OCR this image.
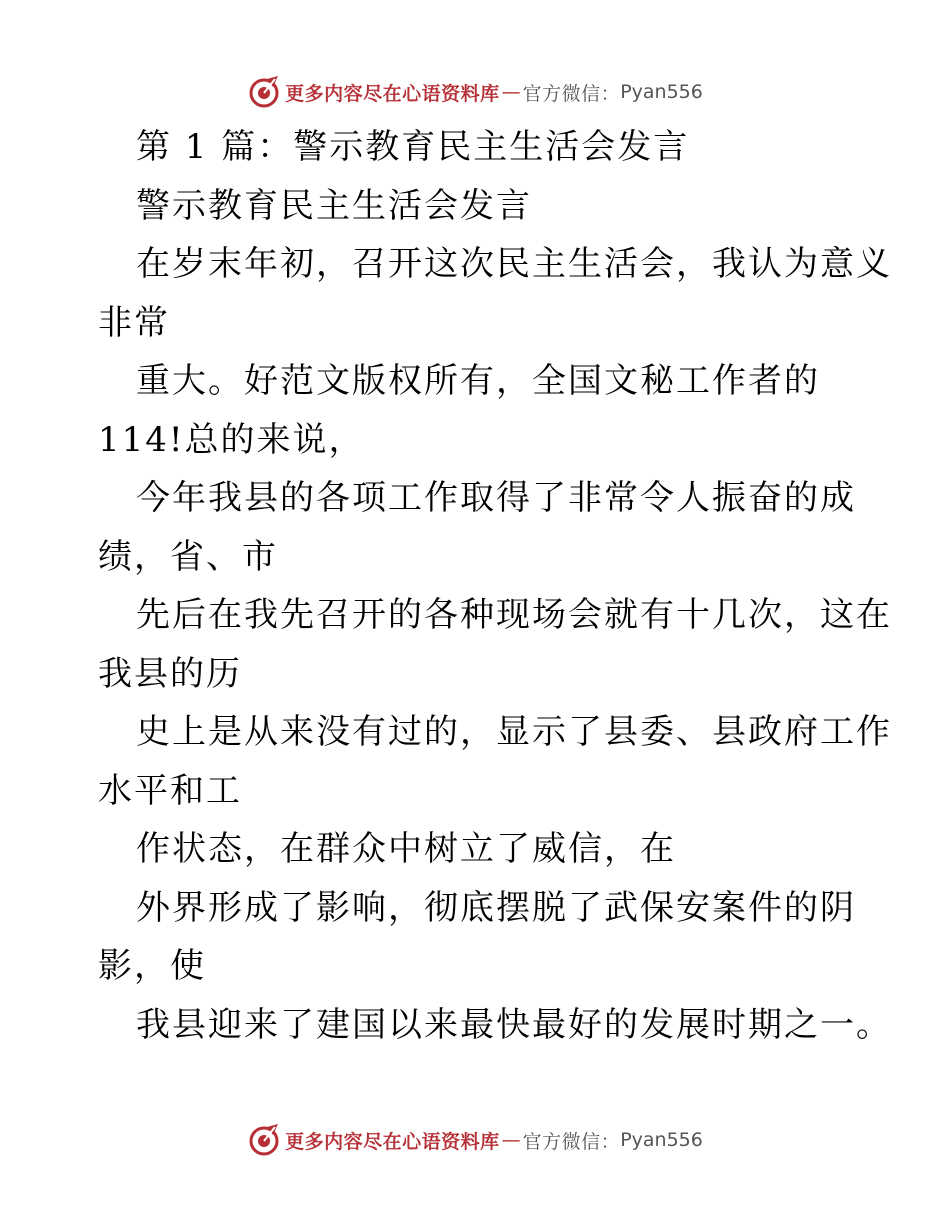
更多内容尽在心语资料库 — 官方微信： Pyan556
第 1 篇：警示教育民主生活会发言
警示教育民主生活会发言
在岁末年初，召开这次民主生活会，我认为意义
非常
重大。好范文版权所有，全国文秘工作者的
114!总的来说，
今年我县的各项工作取得了非常令人振奋的成
绩，省、市
先后在我先召开的各种现场会就有十几次，这在
我县的历
史上是从来没有过的，显示了县委、县政府工作
水平和工
作状态，在群众中树立了威信，在
外界形成了影响，彻底摆脱了武保安案件的阴
影，使
我县迎来了建国以来最快最好的发展时期之一。
更多内容尽在心语资料库 — 官方微信： Pyan556
